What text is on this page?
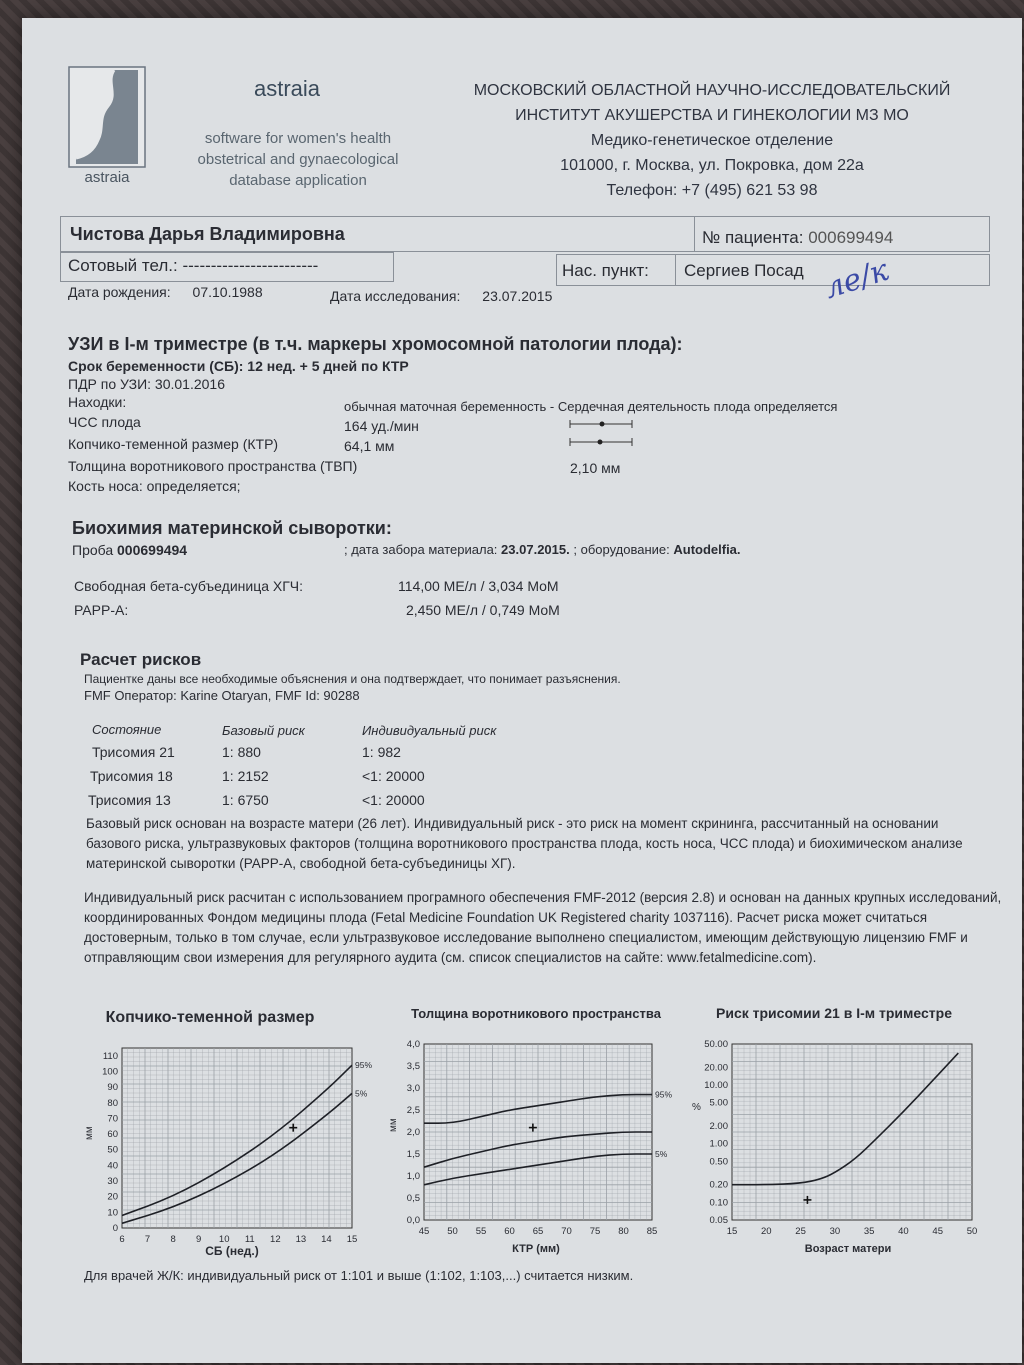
astraia
astraia
software for women's health
obstetrical and gynaecological
database application
МОСКОВСКИЙ ОБЛАСТНОЙ НАУЧНО-ИССЛЕДОВАТЕЛЬСКИЙ
ИНСТИТУТ АКУШЕРСТВА И ГИНЕКОЛОГИИ МЗ МО
Медико-генетическое отделение
101000, г. Москва, ул. Покровка, дом 22а
Телефон: +7 (495) 621 53 98
Чистова Дарья Владимировна	№ пациента: 000699494
Сотовый тел.: ------------------------	Нас. пункт: Сергиев Посад
Дата рождения: 07.10.1988	Дата исследования: 23.07.2015	ле/к
УЗИ в I-м триместре (в т.ч. маркеры хромосомной патологии плода):
Срок беременности (СБ): 12 нед. + 5 дней по КТР
ПДР по УЗИ: 30.01.2016
Находки:	обычная маточная беременность - Сердечная деятельность плода определяется
ЧСС плода	164 уд./мин
Копчико-теменной размер (КТР)	64,1 мм
Толщина воротникового пространства (ТВП)	2,10 мм
Кость носа: определяется;
Биохимия материнской сыворотки:
Проба 000699494	; дата забора материала: 23.07.2015. ; оборудование: Autodelfia.
Свободная бета-субъединица ХГЧ:	114,00 МЕ/л / 3,034 МоМ
PAPP-A:	2,450 МЕ/л / 0,749 МоМ
Расчет рисков
Пациентке даны все необходимые объяснения и она подтверждает, что понимает разъяснения.
FMF Оператор: Karine Otaryan, FMF Id: 90288
Состояние	Базовый риск	Индивидуальный риск
Трисомия 21	1: 880	1: 982
Трисомия 18	1: 2152	<1: 20000
Трисомия 13	1: 6750	<1: 20000
Базовый риск основан на возрасте матери (26 лет). Индивидуальный риск - это риск на момент скрининга, рассчитанный на основании базового риска, ультразвуковых факторов (толщина воротникового пространства плода, кость носа, ЧСС плода) и биохимическом анализе материнской сыворотки (PAPP-A, свободной бета-субъединицы ХГ).
Индивидуальный риск расчитан с использованием програмного обеспечения FMF-2012 (версия 2.8) и основан на данных крупных исследований, координированных Фондом медицины плода (Fetal Medicine Foundation UK Registered charity 1037116). Расчет риска может считаться достоверным, только в том случае, если ультразвуковое исследование выполнено специалистом, имеющим действующую лицензию FMF и отправляющим свои измерения для регулярного аудита (см. список специалистов на сайте: www.fetalmedicine.com).
Копчико-теменной размер
6 7 8 9 10 11 12 13 14 15
0
10
20
30
40
50
60
70
80
90
100
110
95%
5%
мм
СБ (нед.)
Толщина воротникового пространства
45 50 55 60 65 70 75 80 85
0,0
0,5
1,0
1,5
2,0
2,5
3,0
3,5
4,0
95%
5%
мм
КТР (мм)
Риск трисомии 21 в I-м триместре
15 20 25 30 35 40 45 50
0.05
0.10
0.20
0.50
1.00
2.00
5.00
10.00
20.00
50.00
%
Возраст матери
Для врачей Ж/К: индивидуальный риск от 1:101 и выше (1:102, 1:103,...) считается низким.
